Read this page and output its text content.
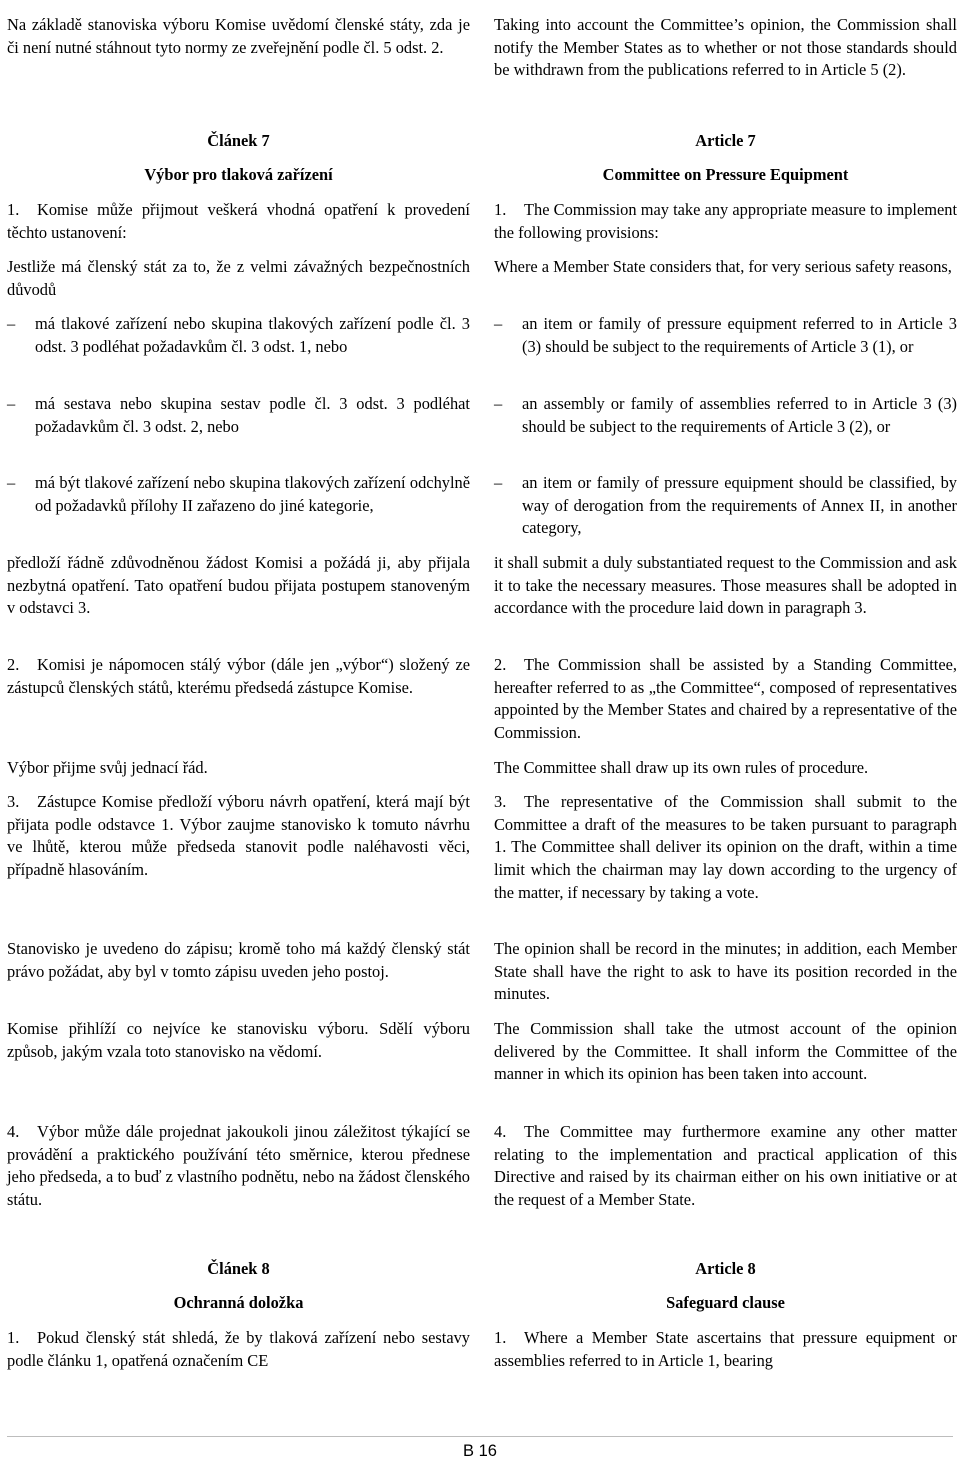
Na základě stanoviska výboru Komise uvědomí členské státy, zda je či není nutné stáhnout tyto normy ze zveřejnění podle čl. 5 odst. 2.

Článek 7

Výbor pro tlaková zařízení

1. Komise může přijmout veškerá vhodná opatření k provedení těchto ustanovení:

Jestliže má členský stát za to, že z velmi závažných bezpečnostních důvodů

– má tlakové zařízení nebo skupina tlakových zařízení podle čl. 3 odst. 3 podléhat požadavkům čl. 3 odst. 1, nebo

– má sestava nebo skupina sestav podle čl. 3 odst. 3 podléhat požadavkům čl. 3 odst. 2, nebo

– má být tlakové zařízení nebo skupina tlakových zařízení odchylně od požadavků přílohy II zařazeno do jiné kategorie,

předloží řádně zdůvodněnou žádost Komisi a požádá ji, aby přijala nezbytná opatření. Tato opatření budou přijata postupem stanoveným v odstavci 3.

2. Komisi je nápomocen stálý výbor (dále jen „výbor“) složený ze zástupců členských států, kterému předsedá zástupce Komise.

Výbor přijme svůj jednací řád.

3. Zástupce Komise předloží výboru návrh opatření, která mají být přijata podle odstavce 1. Výbor zaujme stanovisko k tomuto návrhu ve lhůtě, kterou může předseda stanovit podle naléhavosti věci, případně hlasováním.

Stanovisko je uvedeno do zápisu; kromě toho má každý členský stát právo požádat, aby byl v tomto zápisu uveden jeho postoj.

Komise přihlíží co nejvíce ke stanovisku výboru. Sdělí výboru způsob, jakým vzala toto stanovisko na vědomí.

4. Výbor může dále projednat jakoukoli jinou záležitost týkající se provádění a praktického používání této směrnice, kterou přednese jeho předseda, a to buď z vlastního podnětu, nebo na žádost členského státu.

Článek 8

Ochranná doložka

1. Pokud členský stát shledá, že by tlaková zařízení nebo sestavy podle článku 1, opatřená označením CE

Taking into account the Committee’s opinion, the Commission shall notify the Member States as to whether or not those standards should be withdrawn from the publications referred to in Article 5 (2).

Article 7

Committee on Pressure Equipment

1. The Commission may take any appropriate measure to implement the following provisions:

Where a Member State considers that, for very serious safety reasons,

– an item or family of pressure equipment referred to in Article 3 (3) should be subject to the requirements of Article 3 (1), or

– an assembly or family of assemblies referred to in Article 3 (3) should be subject to the requirements of Article 3 (2), or

– an item or family of pressure equipment should be classified, by way of derogation from the requirements of Annex II, in another category,

it shall submit a duly substantiated request to the Commission and ask it to take the necessary measures. Those measures shall be adopted in accordance with the procedure laid down in paragraph 3.

2. The Commission shall be assisted by a Standing Committee, hereafter referred to as „the Committee“, composed of representatives appointed by the Member States and chaired by a representative of the Commission.

The Committee shall draw up its own rules of procedure.

3. The representative of the Commission shall submit to the Committee a draft of the measures to be taken pursuant to paragraph 1. The Committee shall deliver its opinion on the draft, within a time limit which the chairman may lay down according to the urgency of the matter, if necessary by taking a vote.

The opinion shall be record in the minutes; in addition, each Member State shall have the right to ask to have its position recorded in the minutes.

The Commission shall take the utmost account of the opinion delivered by the Committee. It shall inform the Committee of the manner in which its opinion has been taken into account.

4. The Committee may furthermore examine any other matter relating to the implementation and practical application of this Directive and raised by its chairman either on his own initiative or at the request of a Member State.

Article 8

Safeguard clause

1. Where a Member State ascertains that pressure equipment or assemblies referred to in Article 1, bearing

B 16
